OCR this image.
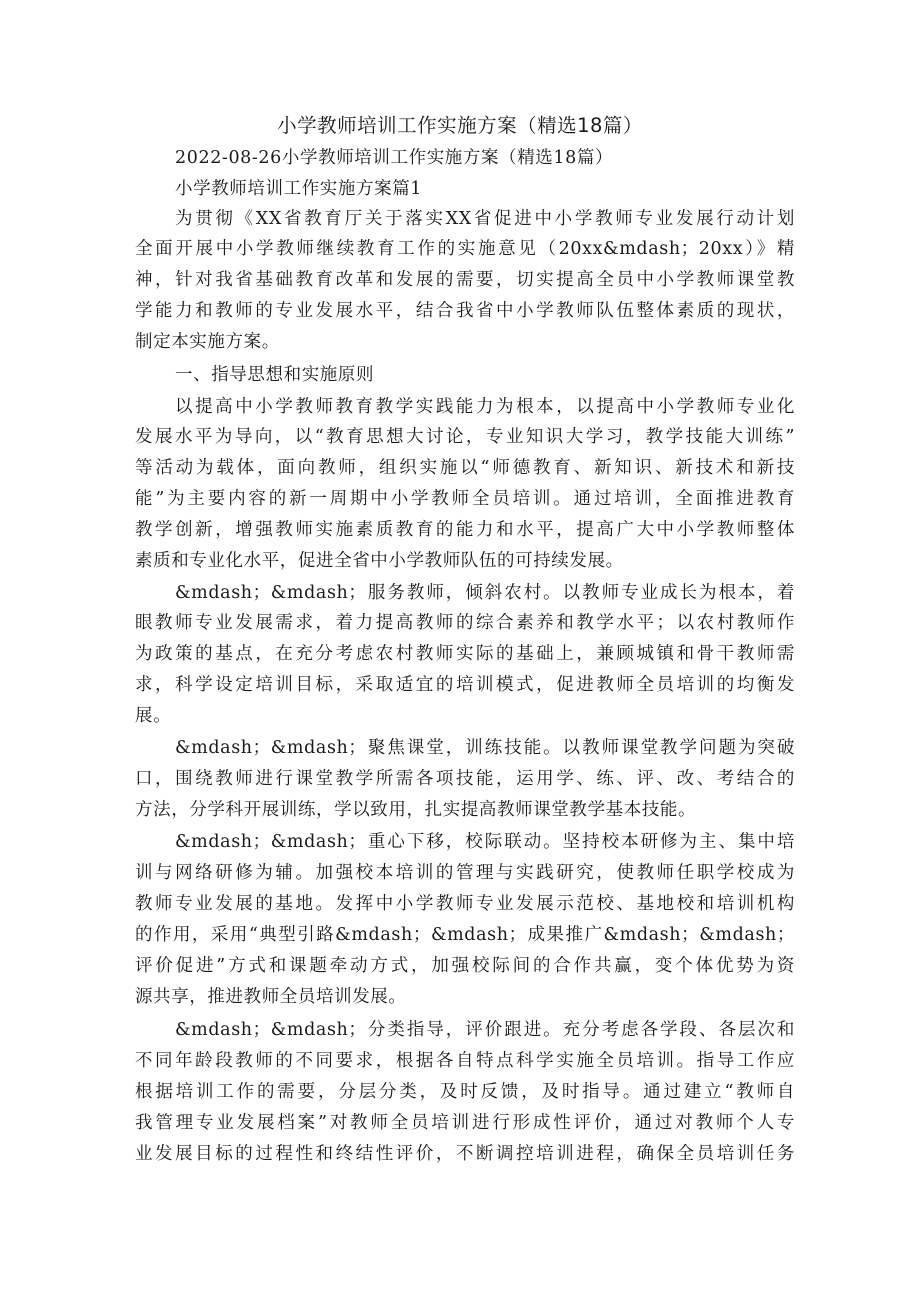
小学教师培训工作实施方案（精选18篇）
2022-08-26小学教师培训工作实施方案（精选18篇）
小学教师培训工作实施方案篇1
为贯彻《XX省教育厅关于落实XX省促进中小学教师专业发展行动计划
全面开展中小学教师继续教育工作的实施意见（20xx&mdash；20xx）》精
神，针对我省基础教育改革和发展的需要，切实提高全员中小学教师课堂教
学能力和教师的专业发展水平，结合我省中小学教师队伍整体素质的现状，
制定本实施方案。
一、指导思想和实施原则
以提高中小学教师教育教学实践能力为根本，以提高中小学教师专业化
发展水平为导向，以“教育思想大讨论，专业知识大学习，教学技能大训练”
等活动为载体，面向教师，组织实施以“师德教育、新知识、新技术和新技
能”为主要内容的新一周期中小学教师全员培训。通过培训，全面推进教育
教学创新，增强教师实施素质教育的能力和水平，提高广大中小学教师整体
素质和专业化水平，促进全省中小学教师队伍的可持续发展。
&mdash；&mdash；服务教师，倾斜农村。以教师专业成长为根本，着
眼教师专业发展需求，着力提高教师的综合素养和教学水平；以农村教师作
为政策的基点，在充分考虑农村教师实际的基础上，兼顾城镇和骨干教师需
求，科学设定培训目标，采取适宜的培训模式，促进教师全员培训的均衡发
展。
&mdash；&mdash；聚焦课堂，训练技能。以教师课堂教学问题为突破
口，围绕教师进行课堂教学所需各项技能，运用学、练、评、改、考结合的
方法，分学科开展训练，学以致用，扎实提高教师课堂教学基本技能。
&mdash；&mdash；重心下移，校际联动。坚持校本研修为主、集中培
训与网络研修为辅。加强校本培训的管理与实践研究，使教师任职学校成为
教师专业发展的基地。发挥中小学教师专业发展示范校、基地校和培训机构
的作用，采用“典型引路&mdash；&mdash；成果推广&mdash；&mdash；
评价促进”方式和课题牵动方式，加强校际间的合作共赢，变个体优势为资
源共享，推进教师全员培训发展。
&mdash；&mdash；分类指导，评价跟进。充分考虑各学段、各层次和
不同年龄段教师的不同要求，根据各自特点科学实施全员培训。指导工作应
根据培训工作的需要，分层分类，及时反馈，及时指导。通过建立“教师自
我管理专业发展档案”对教师全员培训进行形成性评价，通过对教师个人专
业发展目标的过程性和终结性评价，不断调控培训进程，确保全员培训任务
